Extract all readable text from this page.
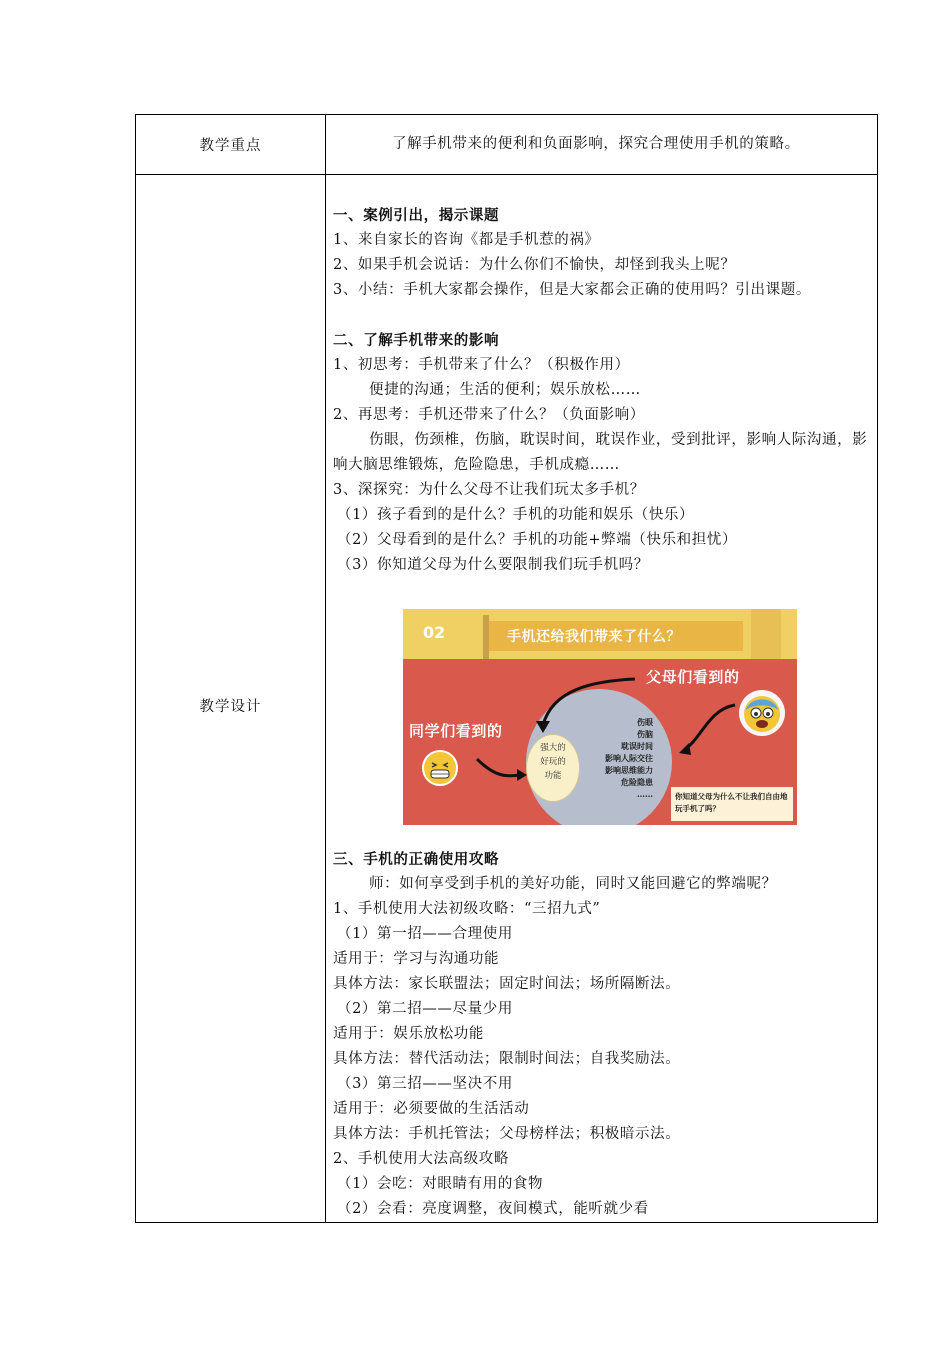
教学重点	了解手机带来的便利和负面影响，探究合理使用手机的策略。
教学设计
一、案例引出，揭示课题
1、来自家长的咨询《都是手机惹的祸》
2、如果手机会说话：为什么你们不愉快，却怪到我头上呢？
3、小结：手机大家都会操作，但是大家都会正确的使用吗？引出课题。
二、了解手机带来的影响
1、初思考：手机带来了什么？（积极作用）
便捷的沟通；生活的便利；娱乐放松……
2、再思考：手机还带来了什么？（负面影响）
伤眼，伤颈椎，伤脑，耽误时间，耽误作业，受到批评，影响人际沟通，影响大脑思维锻炼，危险隐患，手机成瘾……
3、深探究：为什么父母不让我们玩太多手机？
（1）孩子看到的是什么？手机的功能和娱乐（快乐）
（2）父母看到的是什么？手机的功能+弊端（快乐和担忧）
（3）你知道父母为什么要限制我们玩手机吗？
02	手机还给我们带来了什么？
强大的
好玩的
功能
伤眼
伤脑
耽误时间
影响人际交往
影响思维能力
危险隐患
……
父母们看到的
同学们看到的
你知道父母为什么不让我们自由地玩手机了吗？
三、手机的正确使用攻略
师：如何享受到手机的美好功能，同时又能回避它的弊端呢？
1、手机使用大法初级攻略：“三招九式”
（1）第一招——合理使用
适用于：学习与沟通功能
具体方法：家长联盟法；固定时间法；场所隔断法。
（2）第二招——尽量少用
适用于：娱乐放松功能
具体方法：替代活动法；限制时间法；自我奖励法。
（3）第三招——坚决不用
适用于：必须要做的生活活动
具体方法：手机托管法；父母榜样法；积极暗示法。
2、手机使用大法高级攻略
（1）会吃：对眼睛有用的食物
（2）会看：亮度调整，夜间模式，能听就少看
